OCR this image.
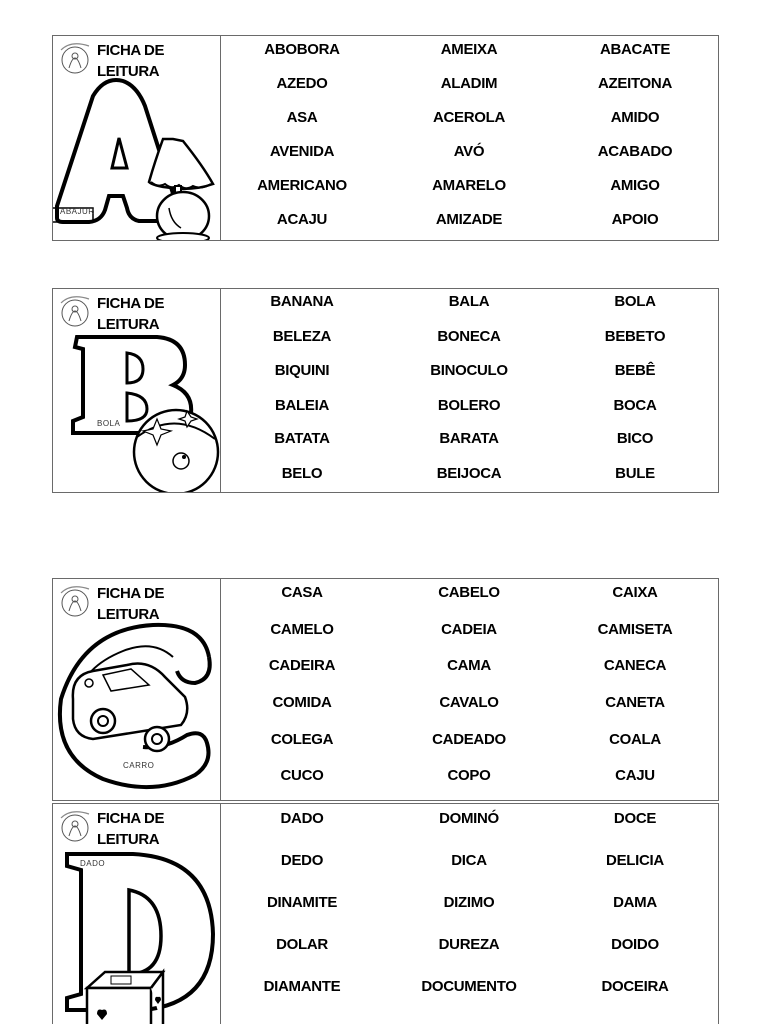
FICHA DE
LEITURA
ABAJUR
ABOBORA	AMEIXA	ABACATE
AZEDO	ALADIM	AZEITONA
ASA	ACEROLA	AMIDO
AVENIDA	AVÓ	ACABADO
AMERICANO	AMARELO	AMIGO
ACAJU	AMIZADE	APOIO
FICHA DE
LEITURA
BOLA
BANANA	BALA	BOLA
BELEZA	BONECA	BEBETO
BIQUINI	BINOCULO	BEBÊ
BALEIA	BOLERO	BOCA
BATATA	BARATA	BICO
BELO	BEIJOCA	BULE
FICHA DE
LEITURA
CARRO
CASA	CABELO	CAIXA
CAMELO	CADEIA	CAMISETA
CADEIRA	CAMA	CANECA
COMIDA	CAVALO	CANETA
COLEGA	CADEADO	COALA
CUCO	COPO	CAJU
FICHA DE
LEITURA
DADO
DADO	DOMINÓ	DOCE
DEDO	DICA	DELICIA
DINAMITE	DIZIMO	DAMA
DOLAR	DUREZA	DOIDO
DIAMANTE	DOCUMENTO	DOCEIRA
